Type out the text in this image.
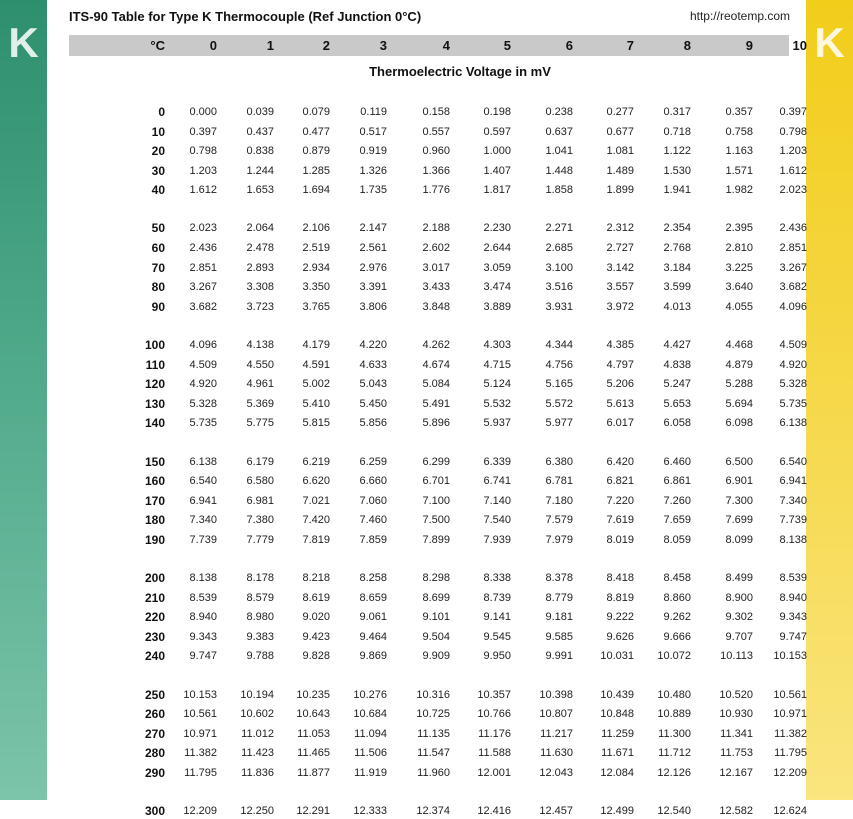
K	K
ITS-90 Table for Type K Thermocouple (Ref Junction 0°C)	http://reotemp.com
°C	0	1	2	3	4	5	6	7	8	9	10
Thermoelectric Voltage in mV
0	0.000	0.039	0.079	0.119	0.158	0.198	0.238	0.277	0.317	0.357	0.397
10	0.397	0.437	0.477	0.517	0.557	0.597	0.637	0.677	0.718	0.758	0.798
20	0.798	0.838	0.879	0.919	0.960	1.000	1.041	1.081	1.122	1.163	1.203
30	1.203	1.244	1.285	1.326	1.366	1.407	1.448	1.489	1.530	1.571	1.612
40	1.612	1.653	1.694	1.735	1.776	1.817	1.858	1.899	1.941	1.982	2.023
50	2.023	2.064	2.106	2.147	2.188	2.230	2.271	2.312	2.354	2.395	2.436
60	2.436	2.478	2.519	2.561	2.602	2.644	2.685	2.727	2.768	2.810	2.851
70	2.851	2.893	2.934	2.976	3.017	3.059	3.100	3.142	3.184	3.225	3.267
80	3.267	3.308	3.350	3.391	3.433	3.474	3.516	3.557	3.599	3.640	3.682
90	3.682	3.723	3.765	3.806	3.848	3.889	3.931	3.972	4.013	4.055	4.096
100	4.096	4.138	4.179	4.220	4.262	4.303	4.344	4.385	4.427	4.468	4.509
110	4.509	4.550	4.591	4.633	4.674	4.715	4.756	4.797	4.838	4.879	4.920
120	4.920	4.961	5.002	5.043	5.084	5.124	5.165	5.206	5.247	5.288	5.328
130	5.328	5.369	5.410	5.450	5.491	5.532	5.572	5.613	5.653	5.694	5.735
140	5.735	5.775	5.815	5.856	5.896	5.937	5.977	6.017	6.058	6.098	6.138
150	6.138	6.179	6.219	6.259	6.299	6.339	6.380	6.420	6.460	6.500	6.540
160	6.540	6.580	6.620	6.660	6.701	6.741	6.781	6.821	6.861	6.901	6.941
170	6.941	6.981	7.021	7.060	7.100	7.140	7.180	7.220	7.260	7.300	7.340
180	7.340	7.380	7.420	7.460	7.500	7.540	7.579	7.619	7.659	7.699	7.739
190	7.739	7.779	7.819	7.859	7.899	7.939	7.979	8.019	8.059	8.099	8.138
200	8.138	8.178	8.218	8.258	8.298	8.338	8.378	8.418	8.458	8.499	8.539
210	8.539	8.579	8.619	8.659	8.699	8.739	8.779	8.819	8.860	8.900	8.940
220	8.940	8.980	9.020	9.061	9.101	9.141	9.181	9.222	9.262	9.302	9.343
230	9.343	9.383	9.423	9.464	9.504	9.545	9.585	9.626	9.666	9.707	9.747
240	9.747	9.788	9.828	9.869	9.909	9.950	9.991	10.031	10.072	10.113	10.153
250	10.153	10.194	10.235	10.276	10.316	10.357	10.398	10.439	10.480	10.520	10.561
260	10.561	10.602	10.643	10.684	10.725	10.766	10.807	10.848	10.889	10.930	10.971
270	10.971	11.012	11.053	11.094	11.135	11.176	11.217	11.259	11.300	11.341	11.382
280	11.382	11.423	11.465	11.506	11.547	11.588	11.630	11.671	11.712	11.753	11.795
290	11.795	11.836	11.877	11.919	11.960	12.001	12.043	12.084	12.126	12.167	12.209
300	12.209	12.250	12.291	12.333	12.374	12.416	12.457	12.499	12.540	12.582	12.624
